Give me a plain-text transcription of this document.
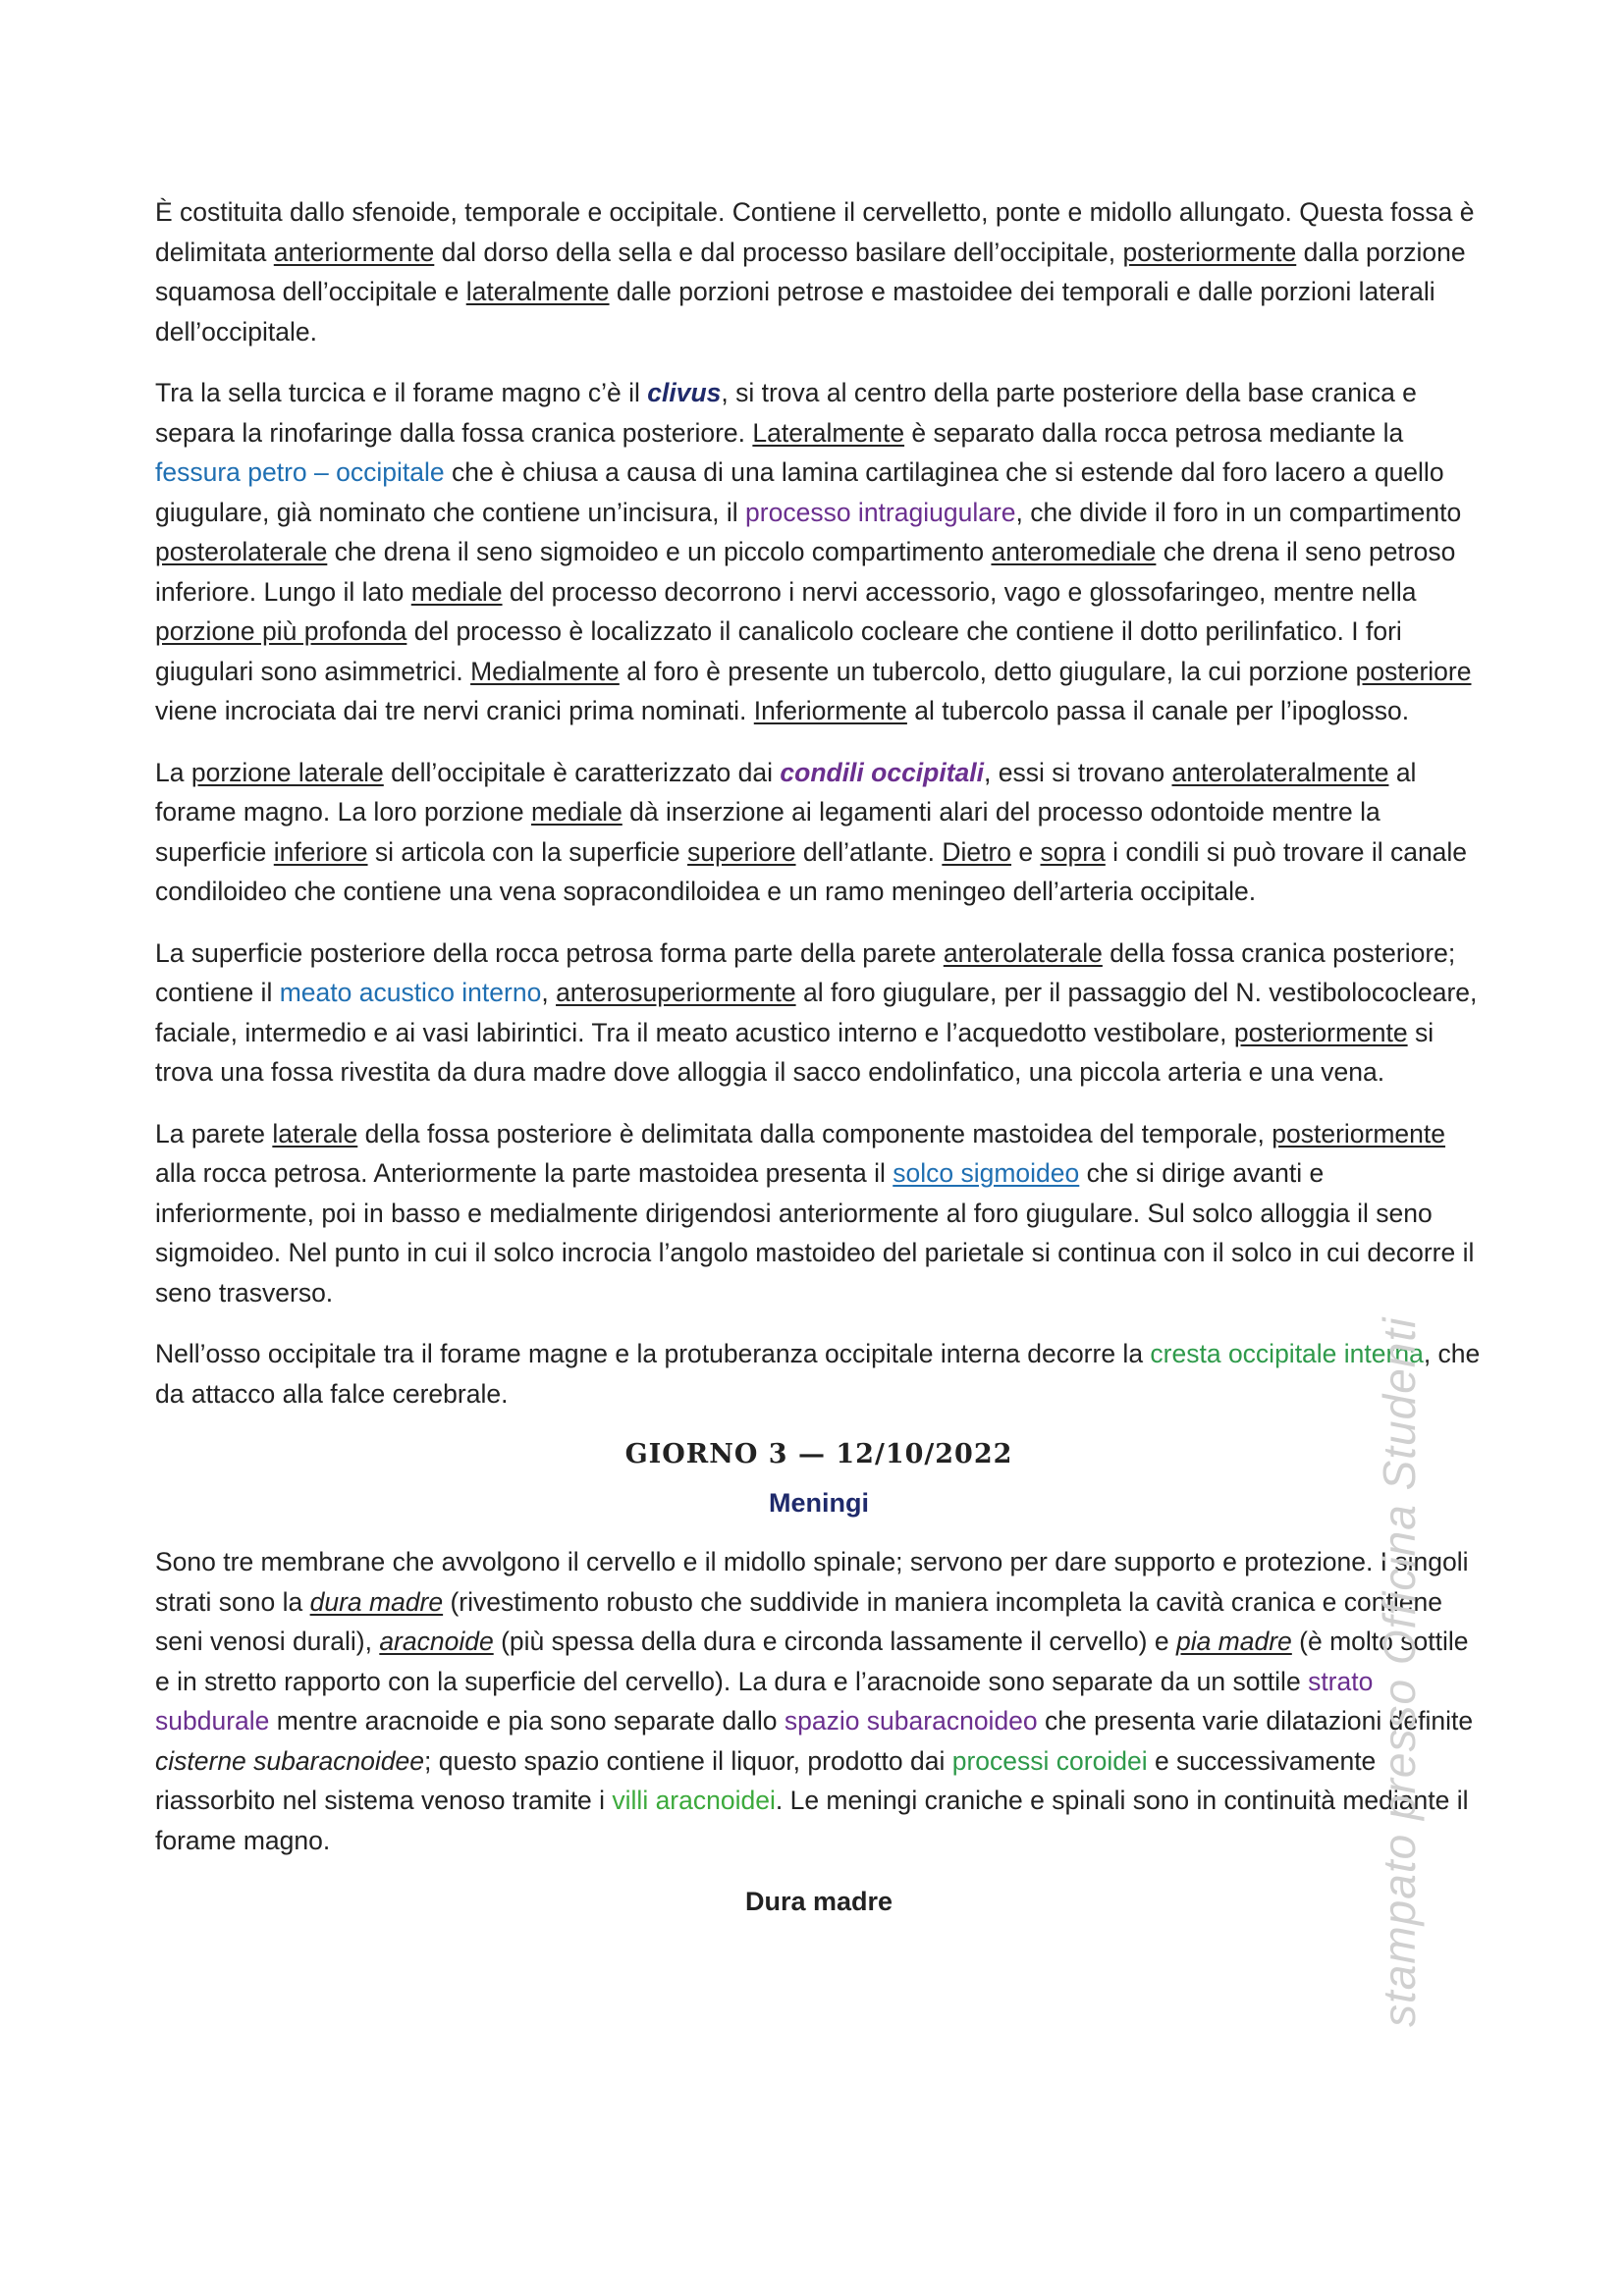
È costituita dallo sfenoide, temporale e occipitale. Contiene il cervelletto, ponte e midollo allungato. Questa fossa è delimitata anteriormente dal dorso della sella e dal processo basilare dell’occipitale, posteriormente dalla porzione squamosa dell’occipitale e lateralmente dalle porzioni petrose e mastoidee dei temporali e dalle porzioni laterali dell’occipitale.

Tra la sella turcica e il forame magno c’è il clivus, si trova al centro della parte posteriore della base cranica e separa la rinofaringe dalla fossa cranica posteriore. Lateralmente è separato dalla rocca petrosa mediante la fessura petro – occipitale che è chiusa a causa di una lamina cartilaginea che si estende dal foro lacero a quello giugulare, già nominato che contiene un’incisura, il processo intragiugulare, che divide il foro in un compartimento posterolaterale che drena il seno sigmoideo e un piccolo compartimento anteromediale che drena il seno petroso inferiore. Lungo il lato mediale del processo decorrono i nervi accessorio, vago e glossofaringeo, mentre nella porzione più profonda del processo è localizzato il canalicolo cocleare che contiene il dotto perilinfatico. I fori giugulari sono asimmetrici. Medialmente al foro è presente un tubercolo, detto giugulare, la cui porzione posteriore viene incrociata dai tre nervi cranici prima nominati. Inferiormente al tubercolo passa il canale per l’ipoglosso.

La porzione laterale dell’occipitale è caratterizzato dai condili occipitali, essi si trovano anterolateralmente al forame magno. La loro porzione mediale dà inserzione ai legamenti alari del processo odontoide mentre la superficie inferiore si articola con la superficie superiore dell’atlante. Dietro e sopra i condili si può trovare il canale condiloideo che contiene una vena sopracondiloidea e un ramo meningeo dell’arteria occipitale.

La superficie posteriore della rocca petrosa forma parte della parete anterolaterale della fossa cranica posteriore; contiene il meato acustico interno, anterosuperiormente al foro giugulare, per il passaggio del N. vestibolococleare, faciale, intermedio e ai vasi labirintici. Tra il meato acustico interno e l’acquedotto vestibolare, posteriormente si trova una fossa rivestita da dura madre dove alloggia il sacco endolinfatico, una piccola arteria e una vena.

La parete laterale della fossa posteriore è delimitata dalla componente mastoidea del temporale, posteriormente alla rocca petrosa. Anteriormente la parte mastoidea presenta il solco sigmoideo che si dirige avanti e inferiormente, poi in basso e medialmente dirigendosi anteriormente al foro giugulare. Sul solco alloggia il seno sigmoideo. Nel punto in cui il solco incrocia l’angolo mastoideo del parietale si continua con il solco in cui decorre il seno trasverso.

Nell’osso occipitale tra il forame magne e la protuberanza occipitale interna decorre la cresta occipitale interna, che da attacco alla falce cerebrale.

GIORNO 3 — 12/10/2022
Meningi

Sono tre membrane che avvolgono il cervello e il midollo spinale; servono per dare supporto e protezione. I singoli strati sono la dura madre (rivestimento robusto che suddivide in maniera incompleta la cavità cranica e contiene seni venosi durali), aracnoide (più spessa della dura e circonda lassamente il cervello) e pia madre (è molto sottile e in stretto rapporto con la superficie del cervello). La dura e l’aracnoide sono separate da un sottile strato subdurale mentre aracnoide e pia sono separate dallo spazio subaracnoideo che presenta varie dilatazioni definite cisterne subaracnoidee; questo spazio contiene il liquor, prodotto dai processi coroidei e successivamente riassorbito nel sistema venoso tramite i villi aracnoidei. Le meningi craniche e spinali sono in continuità mediante il forame magno.

Dura madre	stampato presso Officina Studenti
